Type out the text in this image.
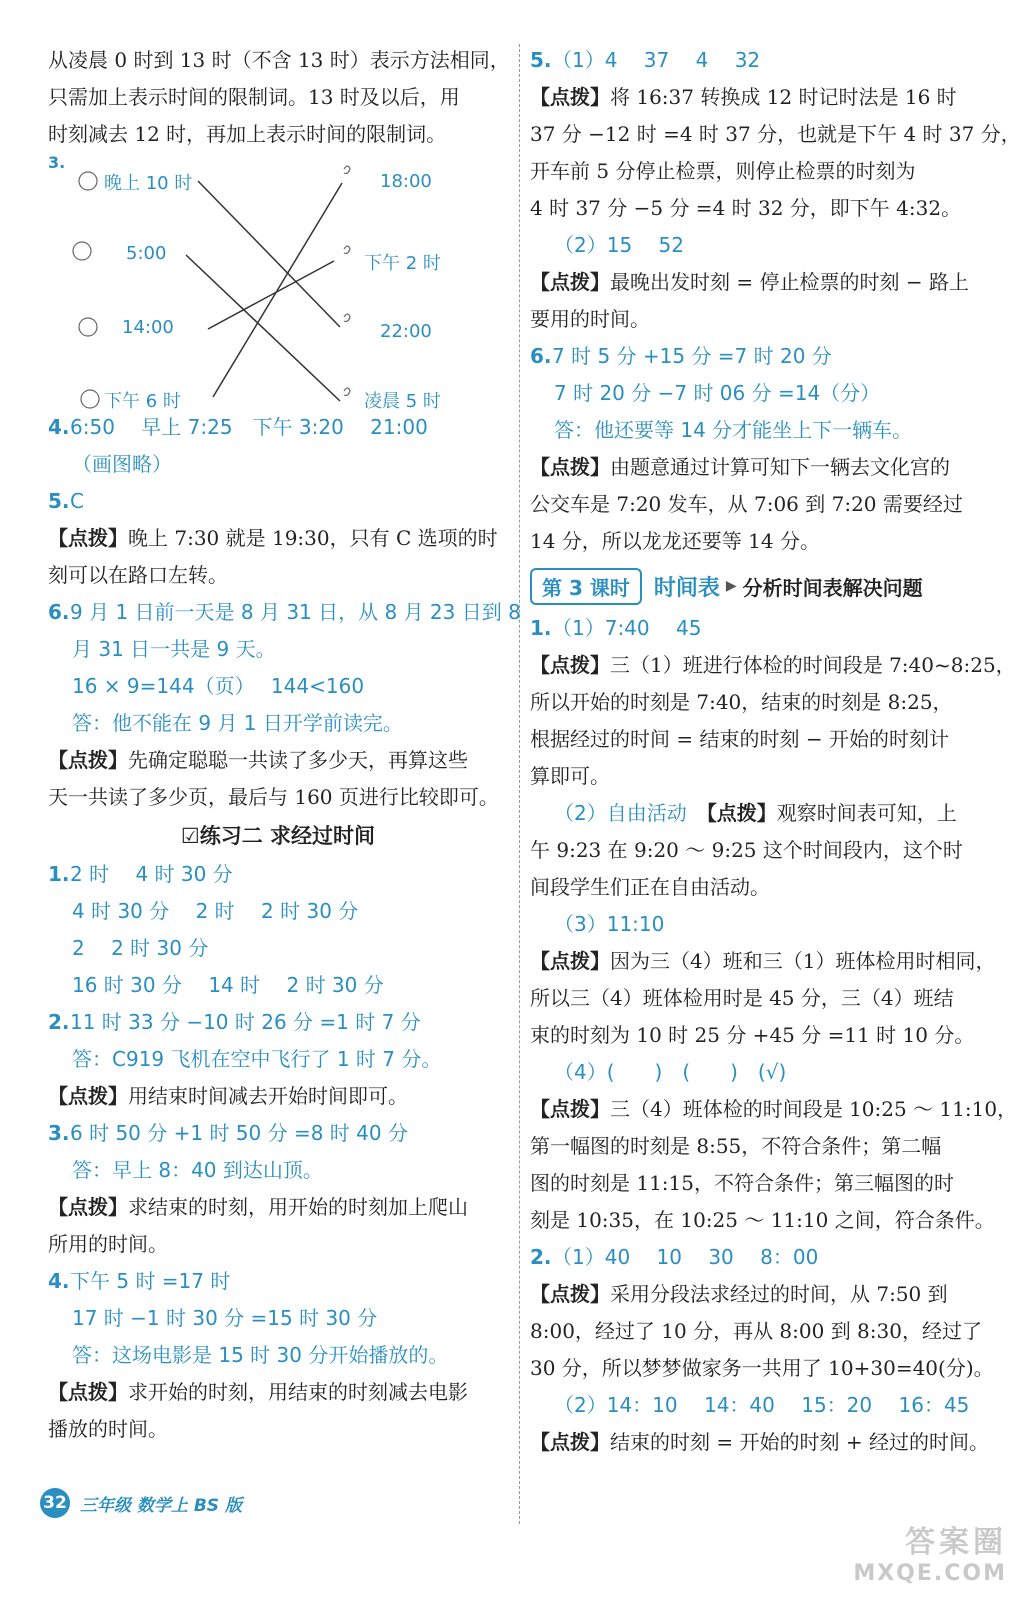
从凌晨 0 时到 13 时（不含 13 时）表示方法相同，
只需加上表示时间的限制词。13 时及以后，用
时刻减去 12 时，再加上表示时间的限制词。
3.
晚上 10 时
5:00
14:00
下午 6 时
18:00
下午 2 时
22:00
凌晨 5 时
4.6:50　 早上 7:25　下午 3:20　 21:00
（画图略）
5.C
【点拨】晚上 7:30 就是 19:30，只有 C 选项的时
刻可以在路口左转。
6.9 月 1 日前一天是 8 月 31 日，从 8 月 23 日到 8
月 31 日一共是 9 天。
16 × 9=144（页）　 144<160
答：他不能在 9 月 1 日开学前读完。
【点拨】先确定聪聪一共读了多少天，再算这些
天一共读了多少页，最后与 160 页进行比较即可。
☑练习二 求经过时间
1.2 时　 4 时 30 分
4 时 30 分　 2 时　 2 时 30 分
2　 2 时 30 分
16 时 30 分　 14 时　 2 时 30 分
2.11 时 33 分 −10 时 26 分 =1 时 7 分
答：C919 飞机在空中飞行了 1 时 7 分。
【点拨】用结束时间减去开始时间即可。
3.6 时 50 分 +1 时 50 分 =8 时 40 分
答：早上 8：40 到达山顶。
【点拨】求结束的时刻，用开始的时刻加上爬山
所用的时间。
4.下午 5 时 =17 时
17 时 −1 时 30 分 =15 时 30 分
答：这场电影是 15 时 30 分开始播放的。
【点拨】求开始的时刻，用结束的时刻减去电影
播放的时间。
5.（1）4　 37　 4　 32
【点拨】将 16:37 转换成 12 时记时法是 16 时
37 分 −12 时 =4 时 37 分，也就是下午 4 时 37 分，
开车前 5 分停止检票，则停止检票的时刻为
4 时 37 分 −5 分 =4 时 32 分，即下午 4:32。
（2）15　 52
【点拨】最晚出发时刻 = 停止检票的时刻 − 路上
要用的时间。
6.7 时 5 分 +15 分 =7 时 20 分
7 时 20 分 −7 时 06 分 =14（分）
答：他还要等 14 分才能坐上下一辆车。
【点拨】由题意通过计算可知下一辆去文化宫的
公交车是 7:20 发车，从 7:06 到 7:20 需要经过
14 分，所以龙龙还要等 14 分。
第 3 课时	时间表 ▶ 分析时间表解决问题
1.（1）7:40　 45
【点拨】三（1）班进行体检的时间段是 7:40~8:25，
所以开始的时刻是 7:40，结束的时刻是 8:25，
根据经过的时间 = 结束的时刻 − 开始的时刻计
算即可。
（2）自由活动　 【点拨】观察时间表可知，上
午 9:23 在 9:20 ～ 9:25 这个时间段内，这个时
间段学生们正在自由活动。
（3）11:10
【点拨】因为三（4）班和三（1）班体检用时相同，
所以三（4）班体检用时是 45 分，三（4）班结
束的时刻为 10 时 25 分 +45 分 =11 时 10 分。
（4）(　　)　(　　)　(√)
【点拨】三（4）班体检的时间段是 10:25 ～ 11:10，
第一幅图的时刻是 8:55，不符合条件；第二幅
图的时刻是 11:15，不符合条件；第三幅图的时
刻是 10:35，在 10:25 ～ 11:10 之间，符合条件。
2.（1）40　 10　 30　 8：00
【点拨】采用分段法求经过的时间，从 7:50 到
8:00，经过了 10 分，再从 8:00 到 8:30，经过了
30 分，所以梦梦做家务一共用了 10+30=40(分)。
（2）14：10　 14：40　 15：20　 16：45
【点拨】结束的时刻 = 开始的时刻 + 经过的时间。
32 三年级 数学上 BS 版
答案圈
MXQE.COM
